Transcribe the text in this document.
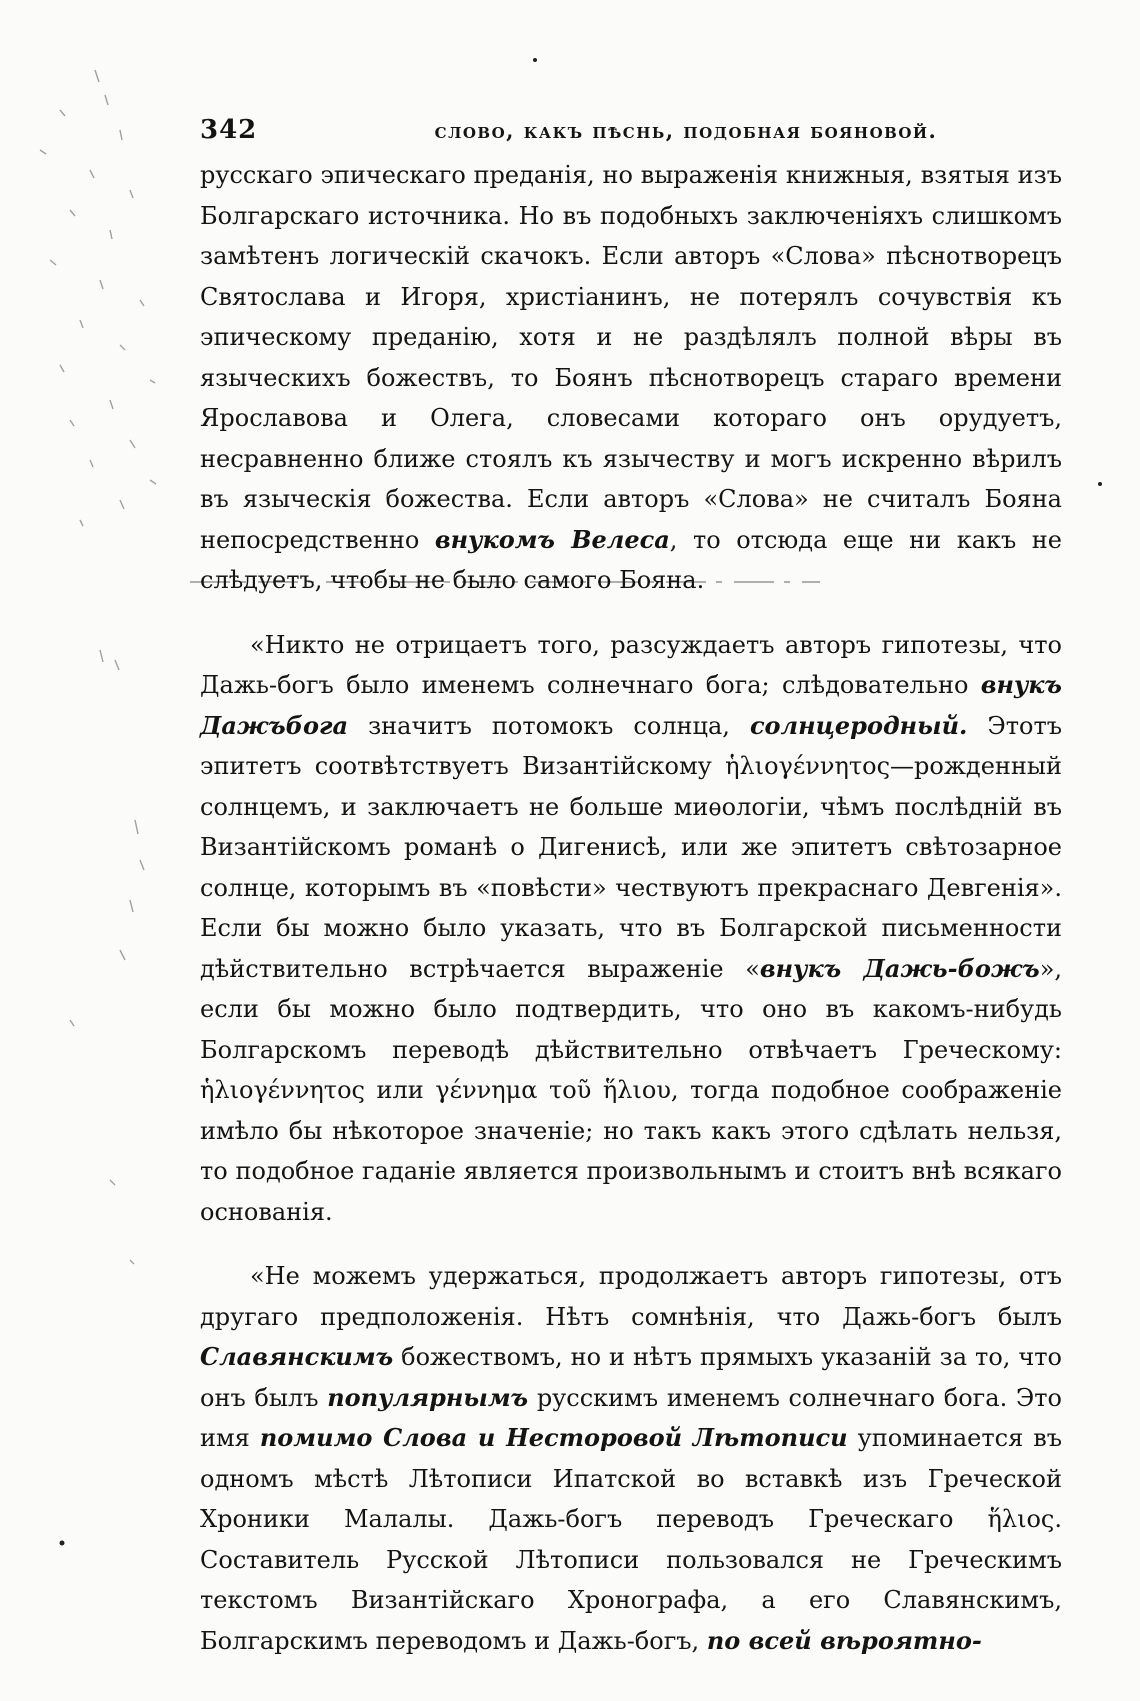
342	слово, какъ пѣснь, подобная бояновой.

русскаго эпическаго преданія, но выраженія книжныя, взятыя изъ Болгарскаго источника. Но въ подобныхъ заключеніяхъ слишкомъ замѣтенъ логическій скачокъ. Если авторъ «Слова» пѣснотворецъ Святослава и Игоря, христіанинъ, не потерялъ сочувствія къ эпическому преданію, хотя и не раздѣлялъ полной вѣры въ языческихъ божествъ, то Боянъ пѣснотворецъ стараго времени Ярославова и Олега, словесами котораго онъ орудуетъ, несравненно ближе стоялъ къ язычеству и могъ искренно вѣрилъ въ языческія божества. Если авторъ «Слова» не считалъ Бояна непосредственно внукомъ Велеса, то отсюда еще ни какъ не слѣдуетъ, чтобы не было самого Бояна.

«Никто не отрицаетъ того, разсуждаетъ авторъ гипотезы, что Дажь-богъ было именемъ солнечнаго бога; слѣдовательно внукъ Дажъбога значитъ потомокъ солнца, солнцеродный. Этотъ эпитетъ соотвѣтствуетъ Византійскому ἡλιογέννητος—рожденный солнцемъ, и заключаетъ не больше миѳологіи, чѣмъ послѣдній въ Византійскомъ романѣ о Дигенисѣ, или же эпитетъ свѣтозарное солнце, которымъ въ «повѣсти» чествуютъ прекраснаго Девгенія». Если бы можно было указать, что въ Болгарской письменности дѣйствительно встрѣчается выраженіе «внукъ Дажь-божъ», если бы можно было подтвердить, что оно въ какомъ-нибудь Болгарскомъ переводѣ дѣйствительно отвѣчаетъ Греческому: ἡλιογέννητος или γέννημα τοῦ ἥλιου, тогда подобное соображеніе имѣло бы нѣкоторое значеніе; но такъ какъ этого сдѣлать нельзя, то подобное гаданіе является произвольнымъ и стоитъ внѣ всякаго основанія.

«Не можемъ удержаться, продолжаетъ авторъ гипотезы, отъ другаго предположенія. Нѣтъ сомнѣнія, что Дажь-богъ былъ Славянскимъ божествомъ, но и нѣтъ прямыхъ указаній за то, что онъ былъ популярнымъ русскимъ именемъ солнечнаго бога. Это имя помимо Слова и Несторовой Лѣтописи упоминается въ одномъ мѣстѣ Лѣтописи Ипатской во вставкѣ изъ Греческой Хроники Малалы. Дажь-богъ переводъ Греческаго ἥλιος. Составитель Русской Лѣтописи пользовался не Греческимъ текстомъ Византійскаго Хронографа, а его Славянскимъ, Болгарскимъ переводомъ и Дажь-богъ, по всей вѣроятно-
